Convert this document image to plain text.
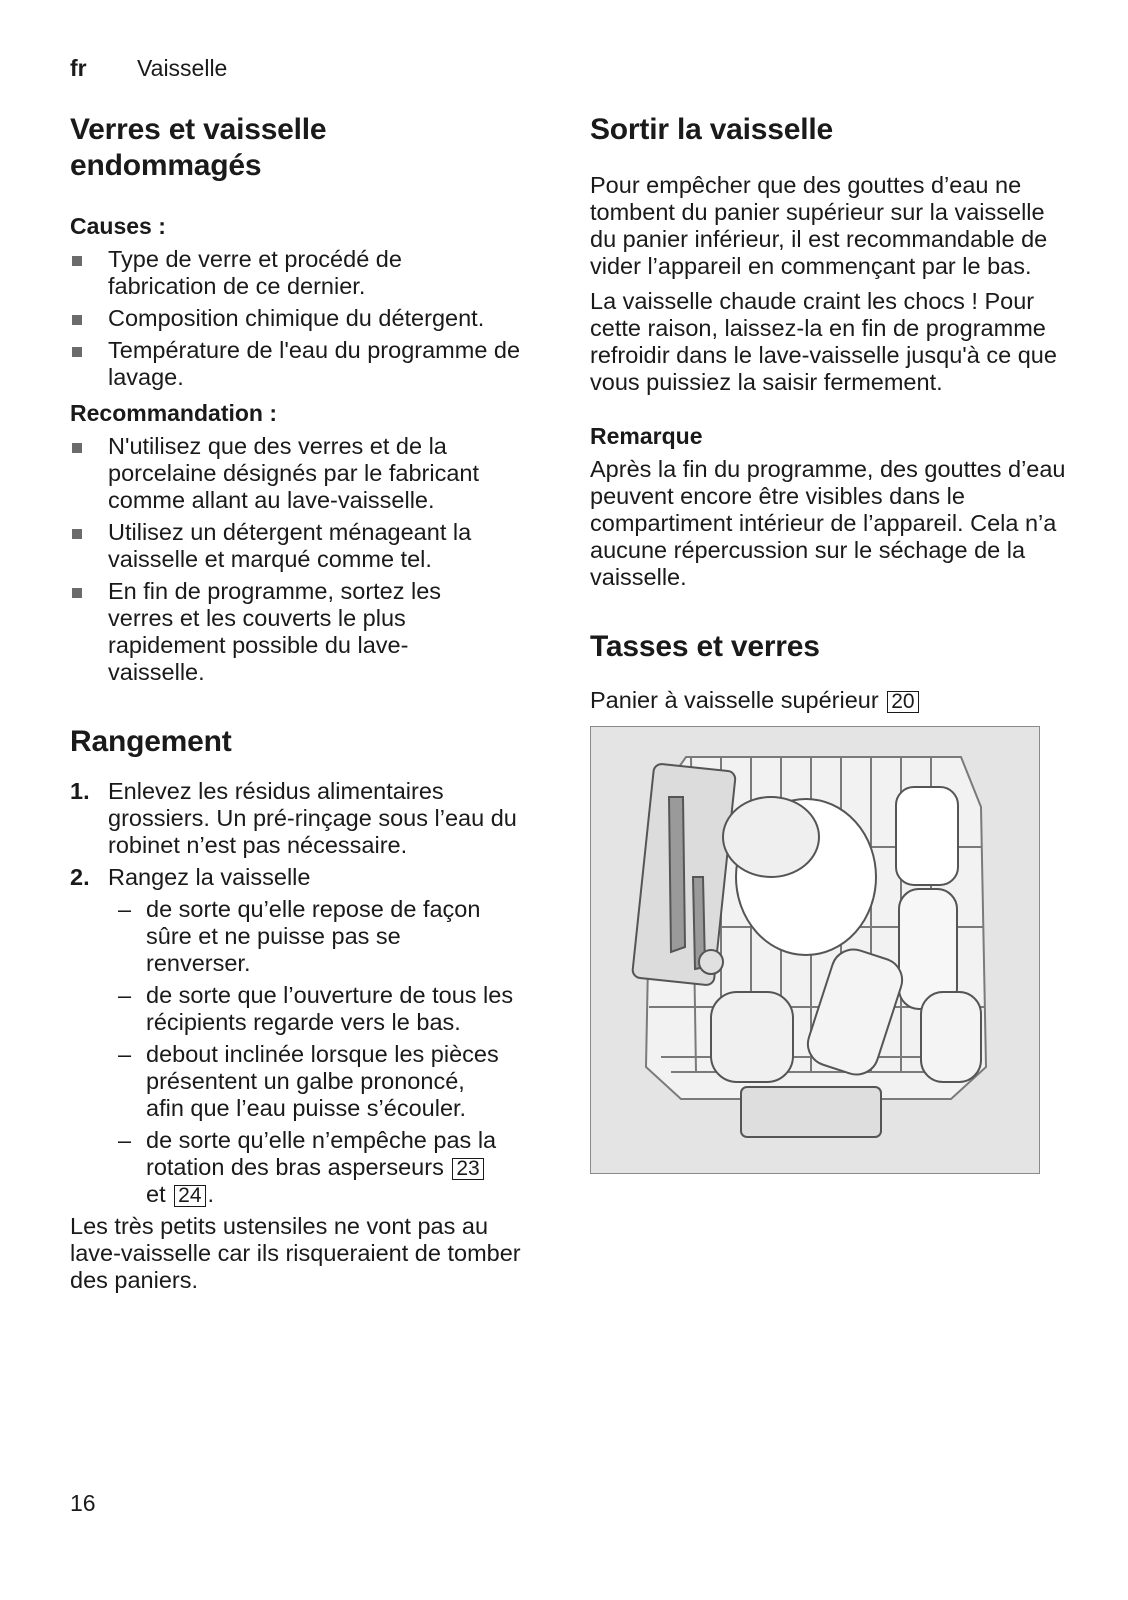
fr Vaisselle
Verres et vaisselle endommagés
Causes :
Type de verre et procédé de fabrication de ce dernier.
Composition chimique du détergent.
Température de l'eau du programme de lavage.
Recommandation :
N'utilisez que des verres et de la porcelaine désignés par le fabricant comme allant au lave-vaisselle.
Utilisez un détergent ménageant la vaisselle et marqué comme tel.
En fin de programme, sortez les verres et les couverts le plus rapidement possible du lave-vaisselle.
Rangement
1. Enlevez les résidus alimentaires grossiers. Un pré-rinçage sous l’eau du robinet n’est pas nécessaire.
2. Rangez la vaisselle
– de sorte qu’elle repose de façon sûre et ne puisse pas se renverser.
– de sorte que l’ouverture de tous les récipients regarde vers le bas.
– debout inclinée lorsque les pièces présentent un galbe prononcé, afin que l’eau puisse s’écouler.
– de sorte qu’elle n’empêche pas la rotation des bras asperseurs 23 et 24 .

Les très petits ustensiles ne vont pas au lave-vaisselle car ils risqueraient de tomber des paniers.

Sortir la vaisselle

Pour empêcher que des gouttes d’eau ne tombent du panier supérieur sur la vaisselle du panier inférieur, il est recommandable de vider l’appareil en commençant par le bas.

La vaisselle chaude craint les chocs ! Pour cette raison, laissez-la en fin de programme refroidir dans le lave-vaisselle jusqu'à ce que vous puissiez la saisir fermement.

Remarque

Après la fin du programme, des gouttes d’eau peuvent encore être visibles dans le compartiment intérieur de l’appareil. Cela n’a aucune répercussion sur le séchage de la vaisselle.

Tasses et verres

Panier à vaisselle supérieur 20

16
